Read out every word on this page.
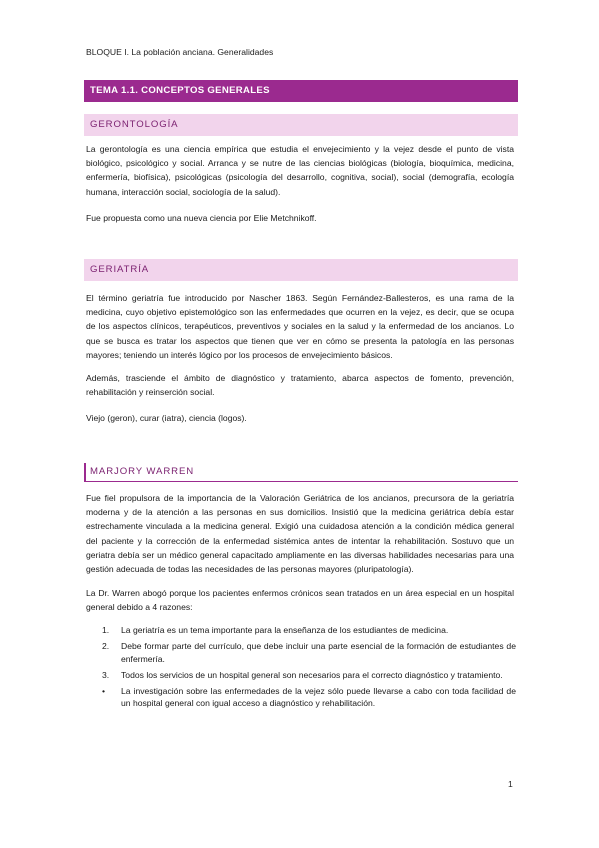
BLOQUE I. La población anciana. Generalidades
TEMA 1.1. CONCEPTOS GENERALES
GERONTOLOGÍA

La gerontología es una ciencia empírica que estudia el envejecimiento y la vejez desde el punto de vista biológico, psicológico y social. Arranca y se nutre de las ciencias biológicas (biología, bioquímica, medicina, enfermería, biofísica), psicológicas (psicología del desarrollo, cognitiva, social), social (demografía, ecología humana, interacción social, sociología de la salud).

Fue propuesta como una nueva ciencia por Elie Metchnikoff.

GERIATRÍA

El término geriatría fue introducido por Nascher 1863. Según Fernández-Ballesteros, es una rama de la medicina, cuyo objetivo epistemológico son las enfermedades que ocurren en la vejez, es decir, que se ocupa de los aspectos clínicos, terapéuticos, preventivos y sociales en la salud y la enfermedad de los ancianos. Lo que se busca es tratar los aspectos que tienen que ver en cómo se presenta la patología en las personas mayores; teniendo un interés lógico por los procesos de envejecimiento básicos.

Además, trasciende el ámbito de diagnóstico y tratamiento, abarca aspectos de fomento, prevención, rehabilitación y reinserción social.

Viejo (geron), curar (iatra), ciencia (logos).

MARJORY WARREN

Fue fiel propulsora de la importancia de la Valoración Geriátrica de los ancianos, precursora de la geriatría moderna y de la atención a las personas en sus domicilios. Insistió que la medicina geriátrica debía estar estrechamente vinculada a la medicina general. Exigió una cuidadosa atención a la condición médica general del paciente y la corrección de la enfermedad sistémica antes de intentar la rehabilitación. Sostuvo que un geriatra debía ser un médico general capacitado ampliamente en las diversas habilidades necesarias para una gestión adecuada de todas las necesidades de las personas mayores (pluripatología).

La Dr. Warren abogó porque los pacientes enfermos crónicos sean tratados en un área especial en un hospital general debido a 4 razones:

1. La geriatría es un tema importante para la enseñanza de los estudiantes de medicina.
2. Debe formar parte del currículo, que debe incluir una parte esencial de la formación de estudiantes de enfermería.
3. Todos los servicios de un hospital general son necesarios para el correcto diagnóstico y tratamiento.
• La investigación sobre las enfermedades de la vejez sólo puede llevarse a cabo con toda facilidad de un hospital general con igual acceso a diagnóstico y rehabilitación.
1
